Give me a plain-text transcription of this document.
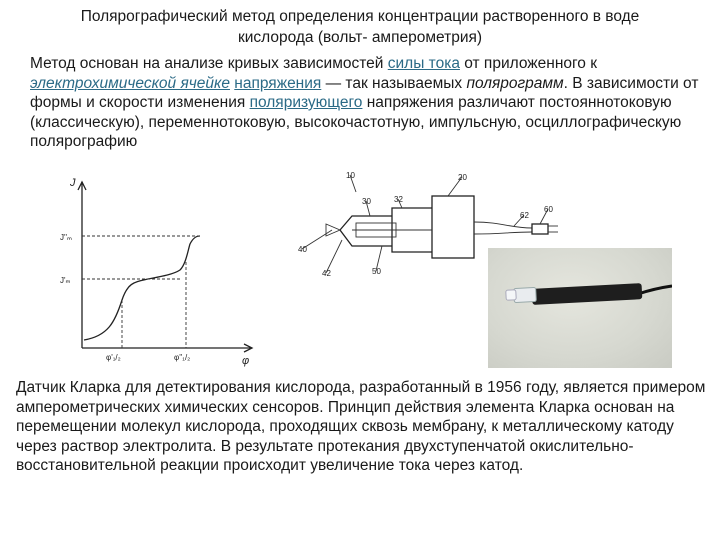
Полярографический метод определения концентрации растворенного в воде
кислорода (вольт- амперометрия)
Метод основан на анализе кривых зависимостей силы тока от приложенного к электрохимической ячейке напряжения — так называемых полярограмм. В зависимости от формы и скорости изменения поляризующего напряжения различают постояннотоковую (классическую), переменнотоковую, высокочастотную, импульсную, осциллографическую полярографию
J
φ
φ'₁/₂	φ''₁/₂
J''ₘ
J'ₘ
20
30	32
62
60
40
42	50
10
Датчик Кларка для детектирования кислорода, разработанный в 1956 году, является примером амперометрических химических сенсоров. Принцип действия элемента Кларка основан на перемещении молекул кислорода, проходящих сквозь мембрану, к металлическому катоду через раствор электролита. В результате протекания двухступенчатой окислительно-восстановительной реакции происходит увеличение тока через катод.
